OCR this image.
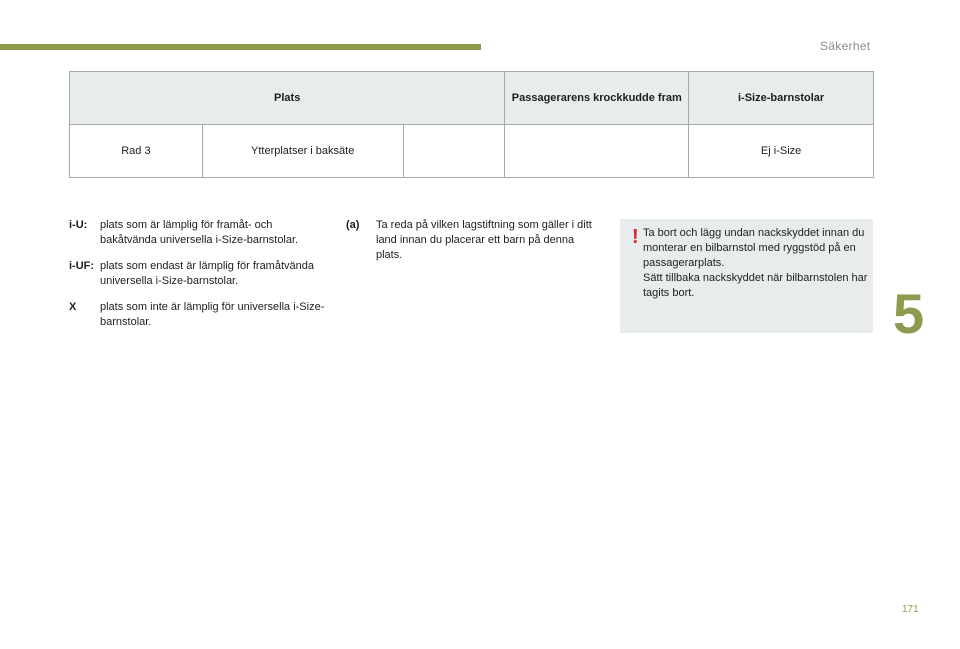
Säkerhet
5
171
Plats			Passagerarens krockkudde fram	i-Size-barnstolar
Rad 3	Ytterplatser i baksäte			Ej i-Size
i-U:	plats som är lämplig för framåt- och bakåtvända universella i-Size-barnstolar.
i-UF: plats som endast är lämplig för framåtvända universella i-Size-barnstolar.
X	plats som inte är lämplig för universella i-Size-barnstolar.
(a)	Ta reda på vilken lagstiftning som gäller i ditt land innan du placerar ett barn på denna plats.
! Ta bort och lägg undan nackskyddet innan du monterar en bilbarnstol med ryggstöd på en passagerarplats.
Sätt tillbaka nackskyddet när bilbarnstolen har tagits bort.
